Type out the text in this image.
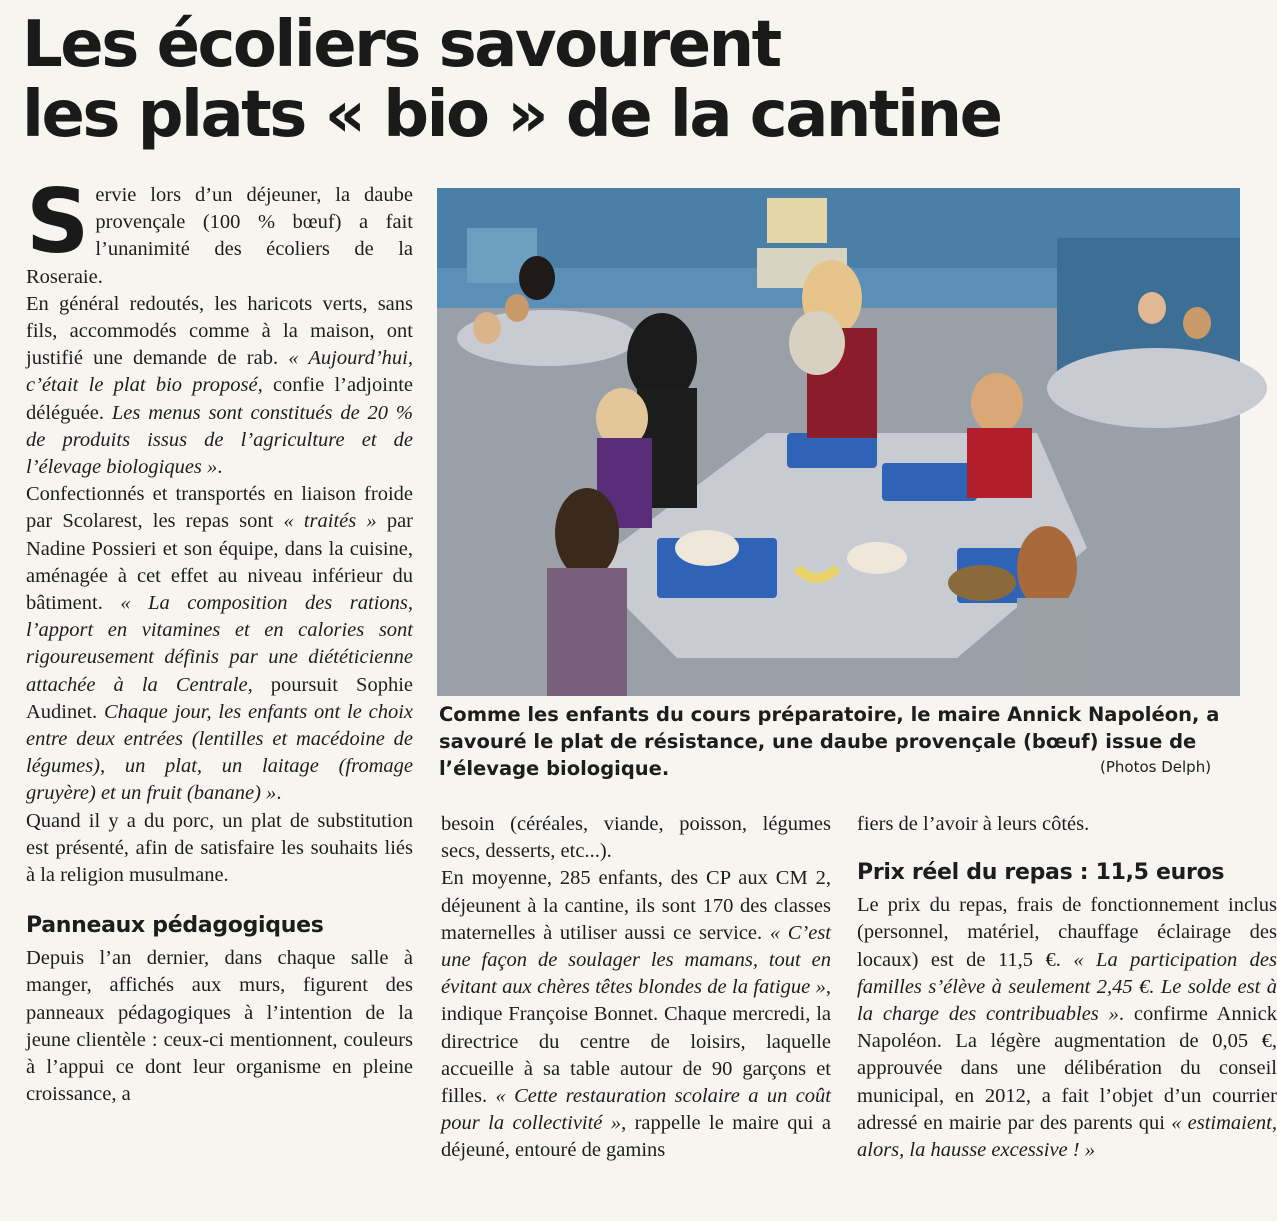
Les écoliers savourent
les plats « bio » de la cantine

Servie lors d’un déjeuner, la daube provençale (100 % bœuf) a fait l’unanimité des écoliers de la Roseraie.

En général redoutés, les haricots verts, sans fils, accommodés comme à la maison, ont justifié une demande de rab. « Aujourd’hui, c’était le plat bio proposé, confie l’adjointe déléguée. Les menus sont constitués de 20 % de produits issus de l’agriculture et de l’élevage biologiques ».

Confectionnés et transportés en liaison froide par Scolarest, les repas sont « traités » par Nadine Possieri et son équipe, dans la cuisine, aménagée à cet effet au niveau inférieur du bâtiment. « La composition des rations, l’apport en vitamines et en calories sont rigoureusement définis par une diététicienne attachée à la Centrale, poursuit Sophie Audinet. Chaque jour, les enfants ont le choix entre deux entrées (lentilles et macédoine de légumes), un plat, un laitage (fromage gruyère) et un fruit (banane) ».

Quand il y a du porc, un plat de substitution est présenté, afin de satisfaire les souhaits liés à la religion musulmane.

Panneaux pédagogiques

Depuis l’an dernier, dans chaque salle à manger, affichés aux murs, figurent des panneaux pédagogiques à l’intention de la jeune clientèle : ceux-ci mentionnent, couleurs à l’appui ce dont leur organisme en pleine croissance, a

Comme les enfants du cours préparatoire, le maire Annick Napoléon, a
savouré le plat de résistance, une daube provençale (bœuf) issue de
l’élevage biologique.	(Photos Delph)

besoin (céréales, viande, poisson, légumes secs, desserts, etc...).

En moyenne, 285 enfants, des CP aux CM 2, déjeunent à la cantine, ils sont 170 des classes maternelles à utiliser aussi ce service. « C’est une façon de soulager les mamans, tout en évitant aux chères têtes blondes de la fatigue », indique Françoise Bonnet. Chaque mercredi, la directrice du centre de loisirs, laquelle accueille à sa table autour de 90 garçons et filles. « Cette restauration scolaire a un coût pour la collectivité », rappelle le maire qui a déjeuné, entouré de gamins

fiers de l’avoir à leurs côtés.

Prix réel du repas : 11,5 euros

Le prix du repas, frais de fonctionnement inclus (personnel, matériel, chauffage éclairage des locaux) est de 11,5 €. « La participation des familles s’élève à seulement 2,45 €. Le solde est à la charge des contribuables ». confirme Annick Napoléon. La légère augmentation de 0,05 €, approuvée dans une délibération du conseil municipal, en 2012, a fait l’objet d’un courrier adressé en mairie par des parents qui « estimaient, alors, la hausse excessive ! »
